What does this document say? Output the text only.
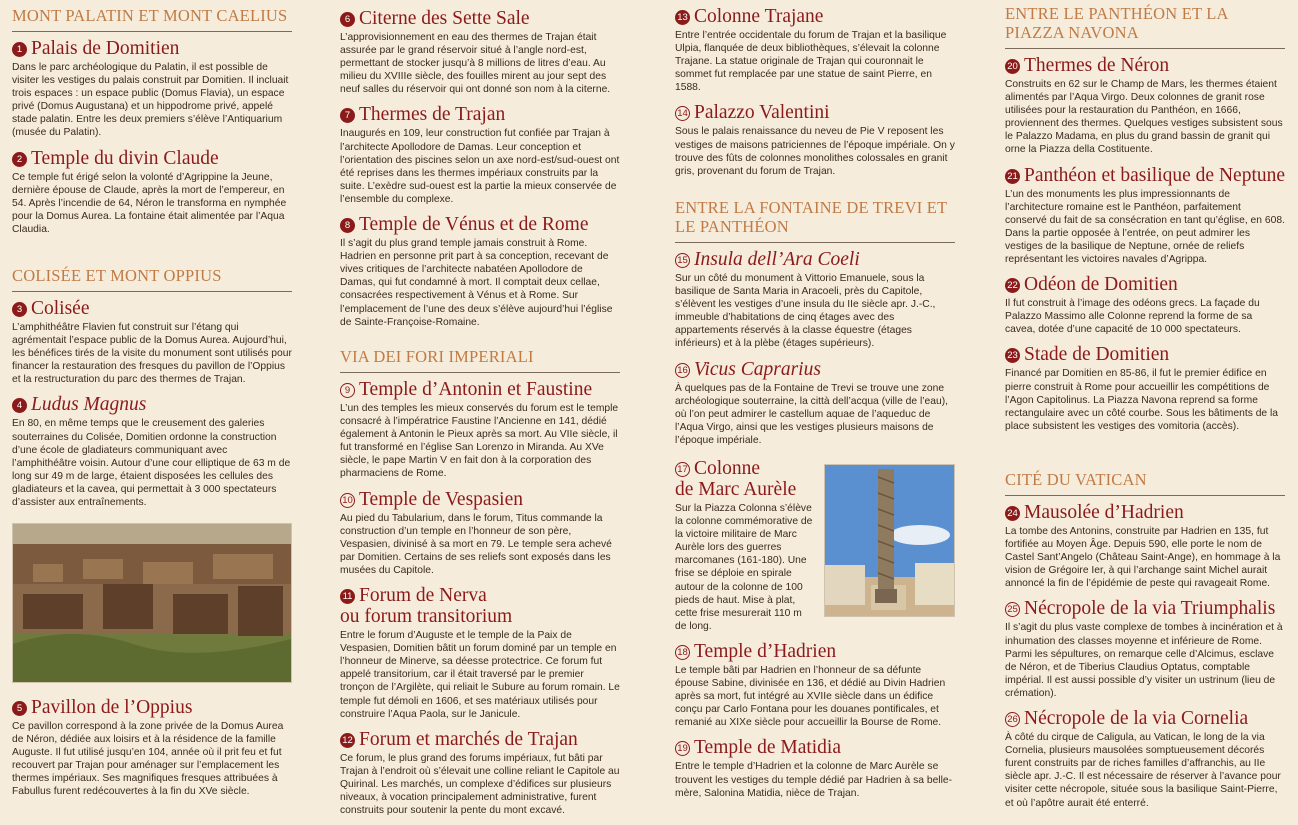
MONT PALATIN ET MONT CAELIUS
1 Palais de Domitien

Dans le parc archéologique du Palatin, il est possible de visiter les vestiges du palais construit par Domitien. Il incluait trois espaces : un espace public (Domus Flavia), un espace privé (Domus Augustana) et un hippodrome privé, appelé stade palatin. Entre les deux premiers s’élève l’Antiquarium (musée du Palatin).

2 Temple du divin Claude

Ce temple fut érigé selon la volonté d’Agrippine la Jeune, dernière épouse de Claude, après la mort de l’empereur, en 54. Après l’incendie de 64, Néron le transforma en nymphée pour la Domus Aurea. La fontaine était alimentée par l’Aqua Claudia.

COLISÉE ET MONT OPPIUS
3 Colisée

L’amphithéâtre Flavien fut construit sur l’étang qui agrémentait l’espace public de la Domus Aurea. Aujourd’hui, les bénéfices tirés de la visite du monument sont utilisés pour financer la restauration des fresques du pavillon de l’Oppius et la restructuration du parc des thermes de Trajan.

4 Ludus Magnus

En 80, en même temps que le creusement des galeries souterraines du Colisée, Domitien ordonne la construction d’une école de gladiateurs communiquant avec l’amphithéâtre voisin. Autour d’une cour elliptique de 63 m de long sur 49 m de large, étaient disposées les cellules des gladiateurs et la cavea, qui permettait à 3 000 spectateurs d’assister aux entraînements.

5 Pavillon de l’Oppius

Ce pavillon correspond à la zone privée de la Domus Aurea de Néron, dédiée aux loisirs et à la résidence de la famille Auguste. Il fut utilisé jusqu’en 104, année où il prit feu et fut recouvert par Trajan pour aménager sur l’emplacement les thermes impériaux. Ses magnifiques fresques attribuées à Fabullus furent redécouvertes à la fin du XVe siècle.

6 Citerne des Sette Sale

L’approvisionnement en eau des thermes de Trajan était assurée par le grand réservoir situé à l’angle nord-est, permettant de stocker jusqu’à 8 millions de litres d’eau. Au milieu du XVIIIe siècle, des fouilles mirent au jour sept des neuf salles du réservoir qui ont donné son nom à la citerne.

7 Thermes de Trajan

Inaugurés en 109, leur construction fut confiée par Trajan à l’architecte Apollodore de Damas. Leur conception et l’orientation des piscines selon un axe nord-est/sud-ouest ont été reprises dans les thermes impériaux construits par la suite. L’exèdre sud-ouest est la partie la mieux conservée de l’ensemble du complexe.

8 Temple de Vénus et de Rome

Il s’agit du plus grand temple jamais construit à Rome. Hadrien en personne prit part à sa conception, recevant de vives critiques de l’architecte nabatéen Apollodore de Damas, qui fut condamné à mort. Il comptait deux cellae, consacrées respectivement à Vénus et à Rome. Sur l’emplacement de l’une des deux s’élève aujourd’hui l’église de Sainte-Françoise-Romaine.

VIA DEI FORI IMPERIALI
9 Temple d’Antonin et Faustine

L’un des temples les mieux conservés du forum est le temple consacré à l’impératrice Faustine l’Ancienne en 141, dédié également à Antonin le Pieux après sa mort. Au VIIe siècle, il fut transformé en l’église San Lorenzo in Miranda. Au XVe siècle, le pape Martin V en fait don à la corporation des pharmaciens de Rome.

10 Temple de Vespasien

Au pied du Tabularium, dans le forum, Titus commande la construction d’un temple en l’honneur de son père, Vespasien, divinisé à sa mort en 79. Le temple sera achevé par Domitien. Certains de ses reliefs sont exposés dans les musées du Capitole.

11 Forum de Nerva
ou forum transitorium

Entre le forum d’Auguste et le temple de la Paix de Vespasien, Domitien bâtit un forum dominé par un temple en l’honneur de Minerve, sa déesse protectrice. Ce forum fut appelé transitorium, car il était traversé par le premier tronçon de l’Argilète, qui reliait le Subure au forum romain. Le temple fut démoli en 1606, et ses matériaux utilisés pour construire l’Aqua Paola, sur le Janicule.

12 Forum et marchés de Trajan

Ce forum, le plus grand des forums impériaux, fut bâti par Trajan à l’endroit où s’élevait une colline reliant le Capitole au Quirinal. Les marchés, un complexe d’édifices sur plusieurs niveaux, à vocation principalement administrative, furent construits pour soutenir la pente du mont excavé.

13 Colonne Trajane

Entre l’entrée occidentale du forum de Trajan et la basilique Ulpia, flanquée de deux bibliothèques, s’élevait la colonne Trajane. La statue originale de Trajan qui couronnait le sommet fut remplacée par une statue de saint Pierre, en 1588.

14 Palazzo Valentini

Sous le palais renaissance du neveu de Pie V reposent les vestiges de maisons patriciennes de l’époque impériale. On y trouve des fûts de colonnes monolithes colossales en granit gris, provenant du forum de Trajan.

ENTRE LA FONTAINE DE TREVI ET LE PANTHÉON
15 Insula dell’Ara Coeli

Sur un côté du monument à Vittorio Emanuele, sous la basilique de Santa Maria in Aracoeli, près du Capitole, s’élèvent les vestiges d’une insula du IIe siècle apr. J.-C., immeuble d’habitations de cinq étages avec des appartements réservés à la classe équestre (étages inférieurs) et à la plèbe (étages supérieurs).

16 Vicus Caprarius

À quelques pas de la Fontaine de Trevi se trouve une zone archéologique souterraine, la città dell’acqua (ville de l’eau), où l’on peut admirer le castellum aquae de l’aqueduc de l’Aqua Virgo, ainsi que les vestiges plusieurs maisons de l’époque impériale.

17 Colonne
de Marc Aurèle

Sur la Piazza Colonna s’élève la colonne commémorative de la victoire militaire de Marc Aurèle lors des guerres marcomanes (161-180). Une frise se déploie en spirale autour de la colonne de 100 pieds de haut. Mise à plat, cette frise mesurerait 110 m de long.

18 Temple d’Hadrien

Le temple bâti par Hadrien en l’honneur de sa défunte épouse Sabine, divinisée en 136, et dédié au Divin Hadrien après sa mort, fut intégré au XVIIe siècle dans un édifice conçu par Carlo Fontana pour les douanes pontificales, et remanié au XIXe siècle pour accueillir la Bourse de Rome.

19 Temple de Matidia

Entre le temple d’Hadrien et la colonne de Marc Aurèle se trouvent les vestiges du temple dédié par Hadrien à sa belle-mère, Salonina Matidia, nièce de Trajan.

ENTRE LE PANTHÉON ET LA PIAZZA NAVONA
20 Thermes de Néron

Construits en 62 sur le Champ de Mars, les thermes étaient alimentés par l’Aqua Virgo. Deux colonnes de granit rose utilisées pour la restauration du Panthéon, en 1666, proviennent des thermes. Quelques vestiges subsistent sous le Palazzo Madama, en plus du grand bassin de granit qui orne la Piazza della Costituente.

21 Panthéon et basilique de Neptune

L’un des monuments les plus impressionnants de l’architecture romaine est le Panthéon, parfaitement conservé du fait de sa consécration en tant qu’église, en 608. Dans la partie opposée à l’entrée, on peut admirer les vestiges de la basilique de Neptune, ornée de reliefs représentant les victoires navales d’Agrippa.

22 Odéon de Domitien

Il fut construit à l’image des odéons grecs. La façade du Palazzo Massimo alle Colonne reprend la forme de sa cavea, dotée d’une capacité de 10 000 spectateurs.

23 Stade de Domitien

Financé par Domitien en 85-86, il fut le premier édifice en pierre construit à Rome pour accueillir les compétitions de l’Agon Capitolinus. La Piazza Navona reprend sa forme rectangulaire avec un côté courbe. Sous les bâtiments de la place subsistent les vestiges des vomitoria (accès).

CITÉ DU VATICAN
24 Mausolée d’Hadrien

La tombe des Antonins, construite par Hadrien en 135, fut fortifiée au Moyen Âge. Depuis 590, elle porte le nom de Castel Sant’Angelo (Château Saint-Ange), en hommage à la vision de Grégoire Ier, à qui l’archange saint Michel aurait annoncé la fin de l’épidémie de peste qui ravageait Rome.

25 Nécropole de la via Triumphalis

Il s’agit du plus vaste complexe de tombes à incinération et à inhumation des classes moyenne et inférieure de Rome. Parmi les sépultures, on remarque celle d’Alcimus, esclave de Néron, et de Tiberius Claudius Optatus, comptable impérial. Il est aussi possible d’y visiter un ustrinum (lieu de crémation).

26 Nécropole de la via Cornelia

À côté du cirque de Caligula, au Vatican, le long de la via Cornelia, plusieurs mausolées somptueusement décorés furent construits par de riches familles d’affranchis, au IIe siècle apr. J.-C. Il est nécessaire de réserver à l’avance pour visiter cette nécropole, située sous la basilique Saint-Pierre, et où l’apôtre aurait été enterré.
